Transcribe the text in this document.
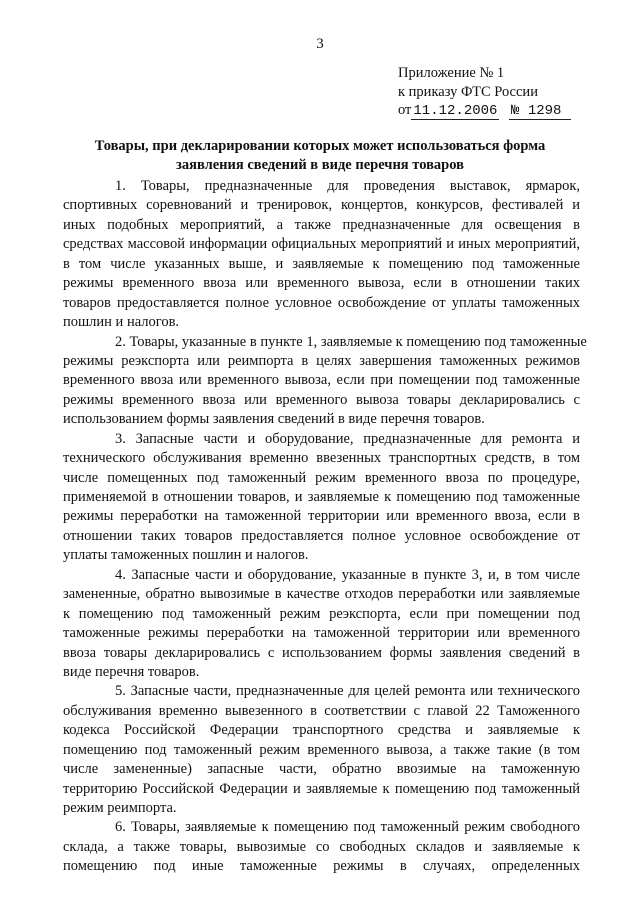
3
Приложение № 1
к приказу ФТС России
от 11.12.2006 № 1298
Товары, при декларировании которых может использоваться форма
заявления сведений в виде перечня товаров
1. Товары, предназначенные для проведения выставок, ярмарок,
спортивных соревнований и тренировок, концертов, конкурсов, фестивалей и
иных подобных мероприятий, а также предназначенные для освещения в
средствах массовой информации официальных мероприятий и иных мероприятий,
в том числе указанных выше, и заявляемые к помещению под таможенные
режимы временного ввоза или временного вывоза, если в отношении таких
товаров предоставляется полное условное освобождение от уплаты таможенных
пошлин и налогов.
2. Товары, указанные в пункте 1, заявляемые к помещению под таможенные
режимы реэкспорта или реимпорта в целях завершения таможенных режимов
временного ввоза или временного вывоза, если при помещении под таможенные
режимы временного ввоза или временного вывоза товары декларировались с
использованием формы заявления сведений в виде перечня товаров.
3. Запасные части и оборудование, предназначенные для ремонта и
технического обслуживания временно ввезенных транспортных средств, в том
числе помещенных под таможенный режим временного ввоза по процедуре,
применяемой в отношении товаров, и заявляемые к помещению под таможенные
режимы переработки на таможенной территории или временного ввоза, если в
отношении таких товаров предоставляется полное условное освобождение от
уплаты таможенных пошлин и налогов.
4. Запасные части и оборудование, указанные в пункте 3, и, в том числе
замененные, обратно вывозимые в качестве отходов переработки или заявляемые
к помещению под таможенный режим реэкспорта, если при помещении под
таможенные режимы переработки на таможенной территории или временного
ввоза товары декларировались с использованием формы заявления сведений в
виде перечня товаров.
5. Запасные части, предназначенные для целей ремонта или технического
обслуживания временно вывезенного в соответствии с главой 22 Таможенного
кодекса Российской Федерации транспортного средства и заявляемые к
помещению под таможенный режим временного вывоза, а также такие (в том
числе замененные) запасные части, обратно ввозимые на таможенную
территорию Российской Федерации и заявляемые к помещению под таможенный
режим реимпорта.
6. Товары, заявляемые к помещению под таможенный режим свободного
склада, а также товары, вывозимые со свободных складов и заявляемые к
помещению под иные таможенные режимы в случаях, определенных
